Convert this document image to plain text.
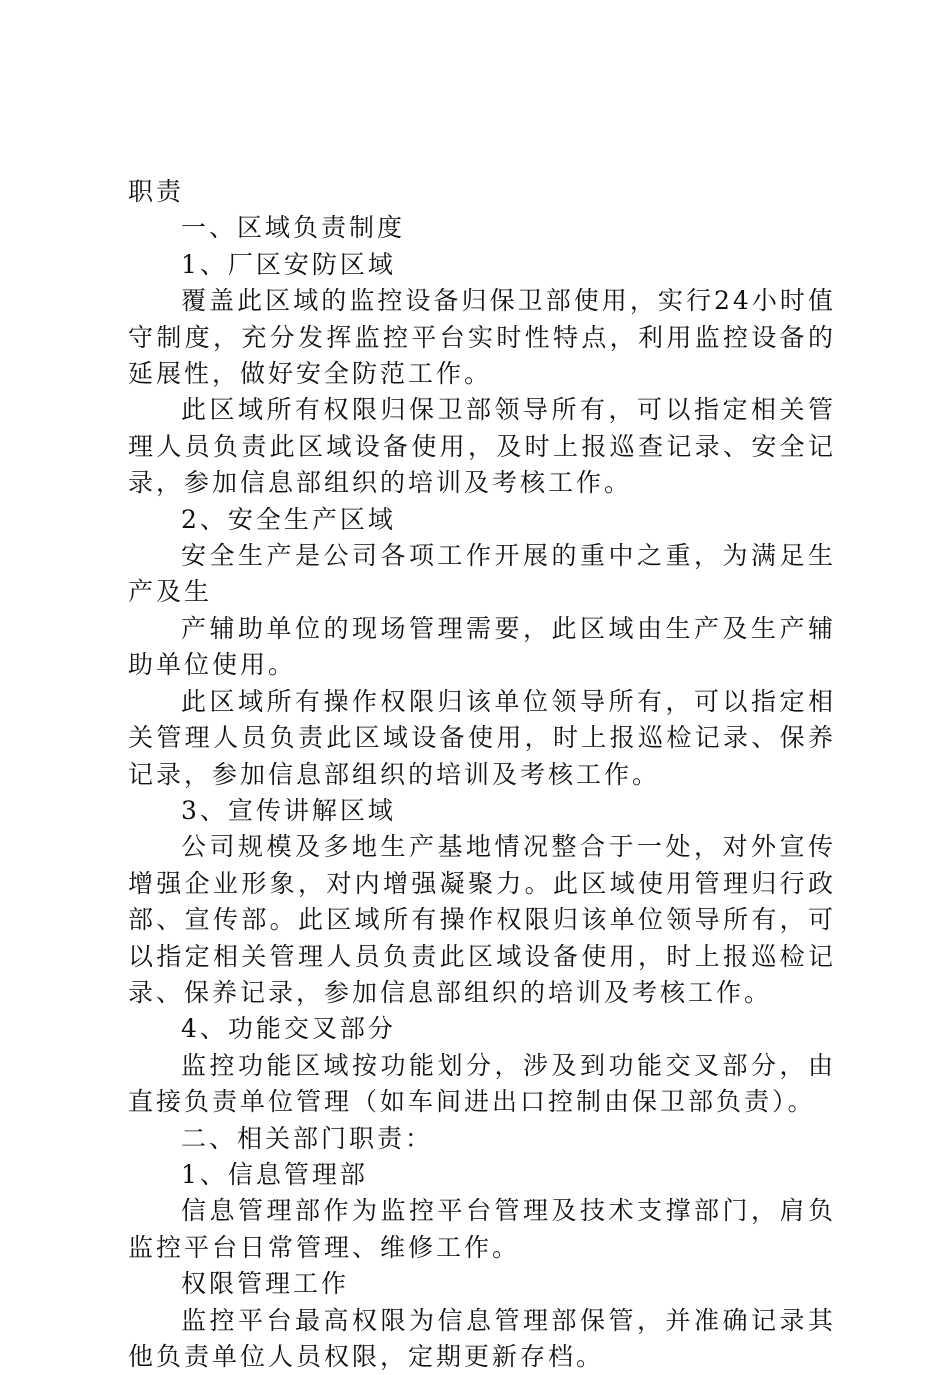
职责

一、区域负责制度

1、厂区安防区域

覆盖此区域的监控设备归保卫部使用，实行24小时值守制度，充分发挥监控平台实时性特点，利用监控设备的延展性，做好安全防范工作。

此区域所有权限归保卫部领导所有，可以指定相关管理人员负责此区域设备使用，及时上报巡查记录、安全记录，参加信息部组织的培训及考核工作。

2、安全生产区域

安全生产是公司各项工作开展的重中之重，为满足生产及生

产辅助单位的现场管理需要，此区域由生产及生产辅助单位使用。

此区域所有操作权限归该单位领导所有，可以指定相关管理人员负责此区域设备使用，时上报巡检记录、保养记录，参加信息部组织的培训及考核工作。

3、宣传讲解区域

公司规模及多地生产基地情况整合于一处，对外宣传增强企业形象，对内增强凝聚力。此区域使用管理归行政部、宣传部。此区域所有操作权限归该单位领导所有，可以指定相关管理人员负责此区域设备使用，时上报巡检记录、保养记录，参加信息部组织的培训及考核工作。

4、功能交叉部分

监控功能区域按功能划分，涉及到功能交叉部分，由直接负责单位管理（如车间进出口控制由保卫部负责）。

二、相关部门职责：

1、信息管理部

信息管理部作为监控平台管理及技术支撑部门，肩负监控平台日常管理、维修工作。

权限管理工作

监控平台最高权限为信息管理部保管，并准确记录其他负责单位人员权限，定期更新存档。
